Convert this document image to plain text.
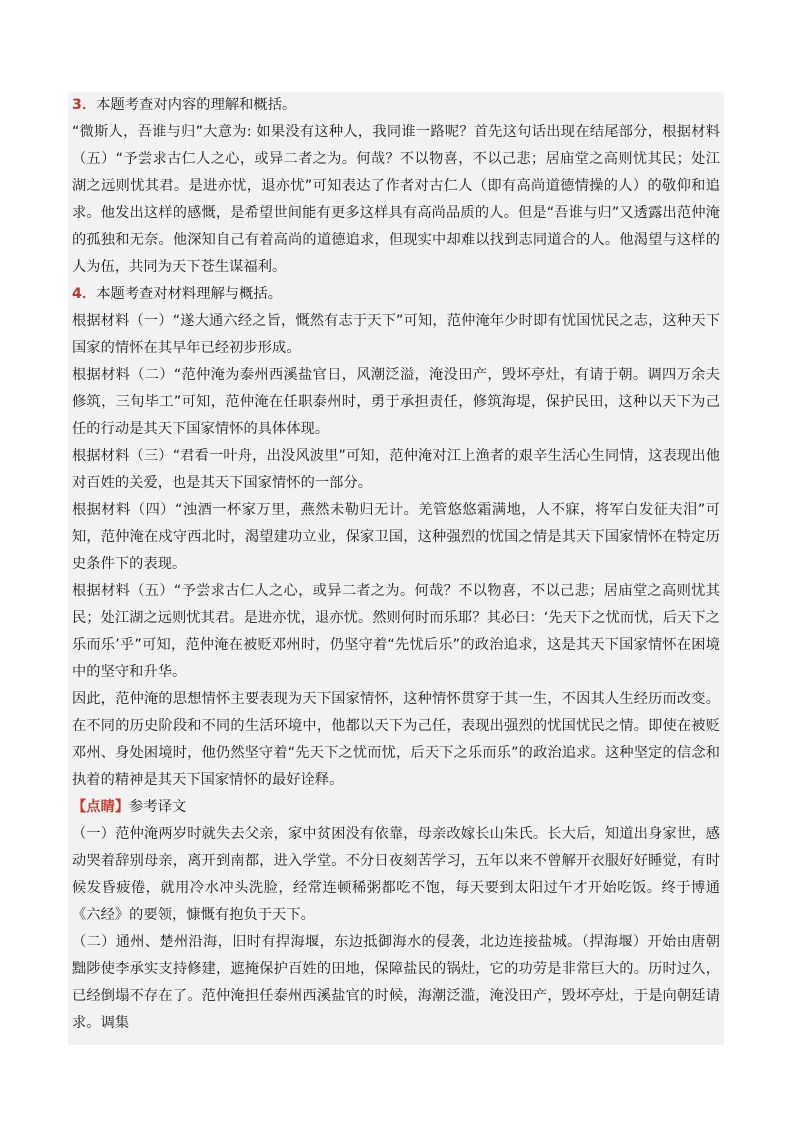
3．本题考查对内容的理解和概括。

“微斯人，吾谁与归”大意为: 如果没有这种人，我同谁一路呢？首先这句话出现在结尾部分，根据材料（五）“予尝求古仁人之心，或异二者之为。何哉？不以物喜，不以己悲；居庙堂之高则忧其民；处江湖之远则忧其君。是进亦忧，退亦忧”可知表达了作者对古仁人（即有高尚道德情操的人）的敬仰和追求。他发出这样的感慨，是希望世间能有更多这样具有高尚品质的人。但是“吾谁与归”又透露出范仲淹的孤独和无奈。他深知自己有着高尚的道德追求，但现实中却难以找到志同道合的人。他渴望与这样的人为伍，共同为天下苍生谋福利。

4．本题考查对材料理解与概括。

根据材料（一）“遂大通六经之旨，慨然有志于天下”可知，范仲淹年少时即有忧国忧民之志，这种天下国家的情怀在其早年已经初步形成。

根据材料（二）“范仲淹为泰州西溪盐官日，风潮泛溢，淹没田产，毁坏亭灶，有请于朝。调四万余夫修筑，三旬毕工”可知，范仲淹在任职泰州时，勇于承担责任，修筑海堤，保护民田，这种以天下为己任的行动是其天下国家情怀的具体体现。

根据材料（三）“君看一叶舟，出没风波里”可知，范仲淹对江上渔者的艰辛生活心生同情，这表现出他对百姓的关爱，也是其天下国家情怀的一部分。

根据材料（四）“浊酒一杯家万里，燕然未勒归无计。羌管悠悠霜满地，人不寐，将军白发征夫泪”可知，范仲淹在戍守西北时，渴望建功立业，保家卫国，这种强烈的忧国之情是其天下国家情怀在特定历史条件下的表现。

根据材料（五）“予尝求古仁人之心，或异二者之为。何哉？不以物喜，不以己悲；居庙堂之高则忧其民；处江湖之远则忧其君。是进亦忧，退亦忧。然则何时而乐耶？其必曰：‘先天下之忧而忧，后天下之乐而乐’乎”可知，范仲淹在被贬邓州时，仍坚守着“先忧后乐”的政治追求，这是其天下国家情怀在困境中的坚守和升华。

因此，范仲淹的思想情怀主要表现为天下国家情怀，这种情怀贯穿于其一生，不因其人生经历而改变。在不同的历史阶段和不同的生活环境中，他都以天下为己任，表现出强烈的忧国忧民之情。即使在被贬邓州、身处困境时，他仍然坚守着“先天下之忧而忧，后天下之乐而乐”的政治追求。这种坚定的信念和执着的精神是其天下国家情怀的最好诠释。

【点睛】参考译文

（一）范仲淹两岁时就失去父亲，家中贫困没有依靠，母亲改嫁长山朱氏。长大后，知道出身家世，感动哭着辞别母亲，离开到南都，进入学堂。不分日夜刻苦学习，五年以来不曾解开衣服好好睡觉，有时候发昏疲倦，就用冷水冲头洗脸，经常连顿稀粥都吃不饱，每天要到太阳过午才开始吃饭。终于博通《六经》的要领，慷慨有抱负于天下。

（二）通州、楚州沿海，旧时有捍海堰，东边抵御海水的侵袭，北边连接盐城。（捍海堰）开始由唐朝黜陟使李承实支持修建，遮掩保护百姓的田地，保障盐民的锅灶，它的功劳是非常巨大的。历时过久，已经倒塌不存在了。范仲淹担任泰州西溪盐官的时候，海潮泛滥，淹没田产，毁坏亭灶，于是向朝廷请求。调集
